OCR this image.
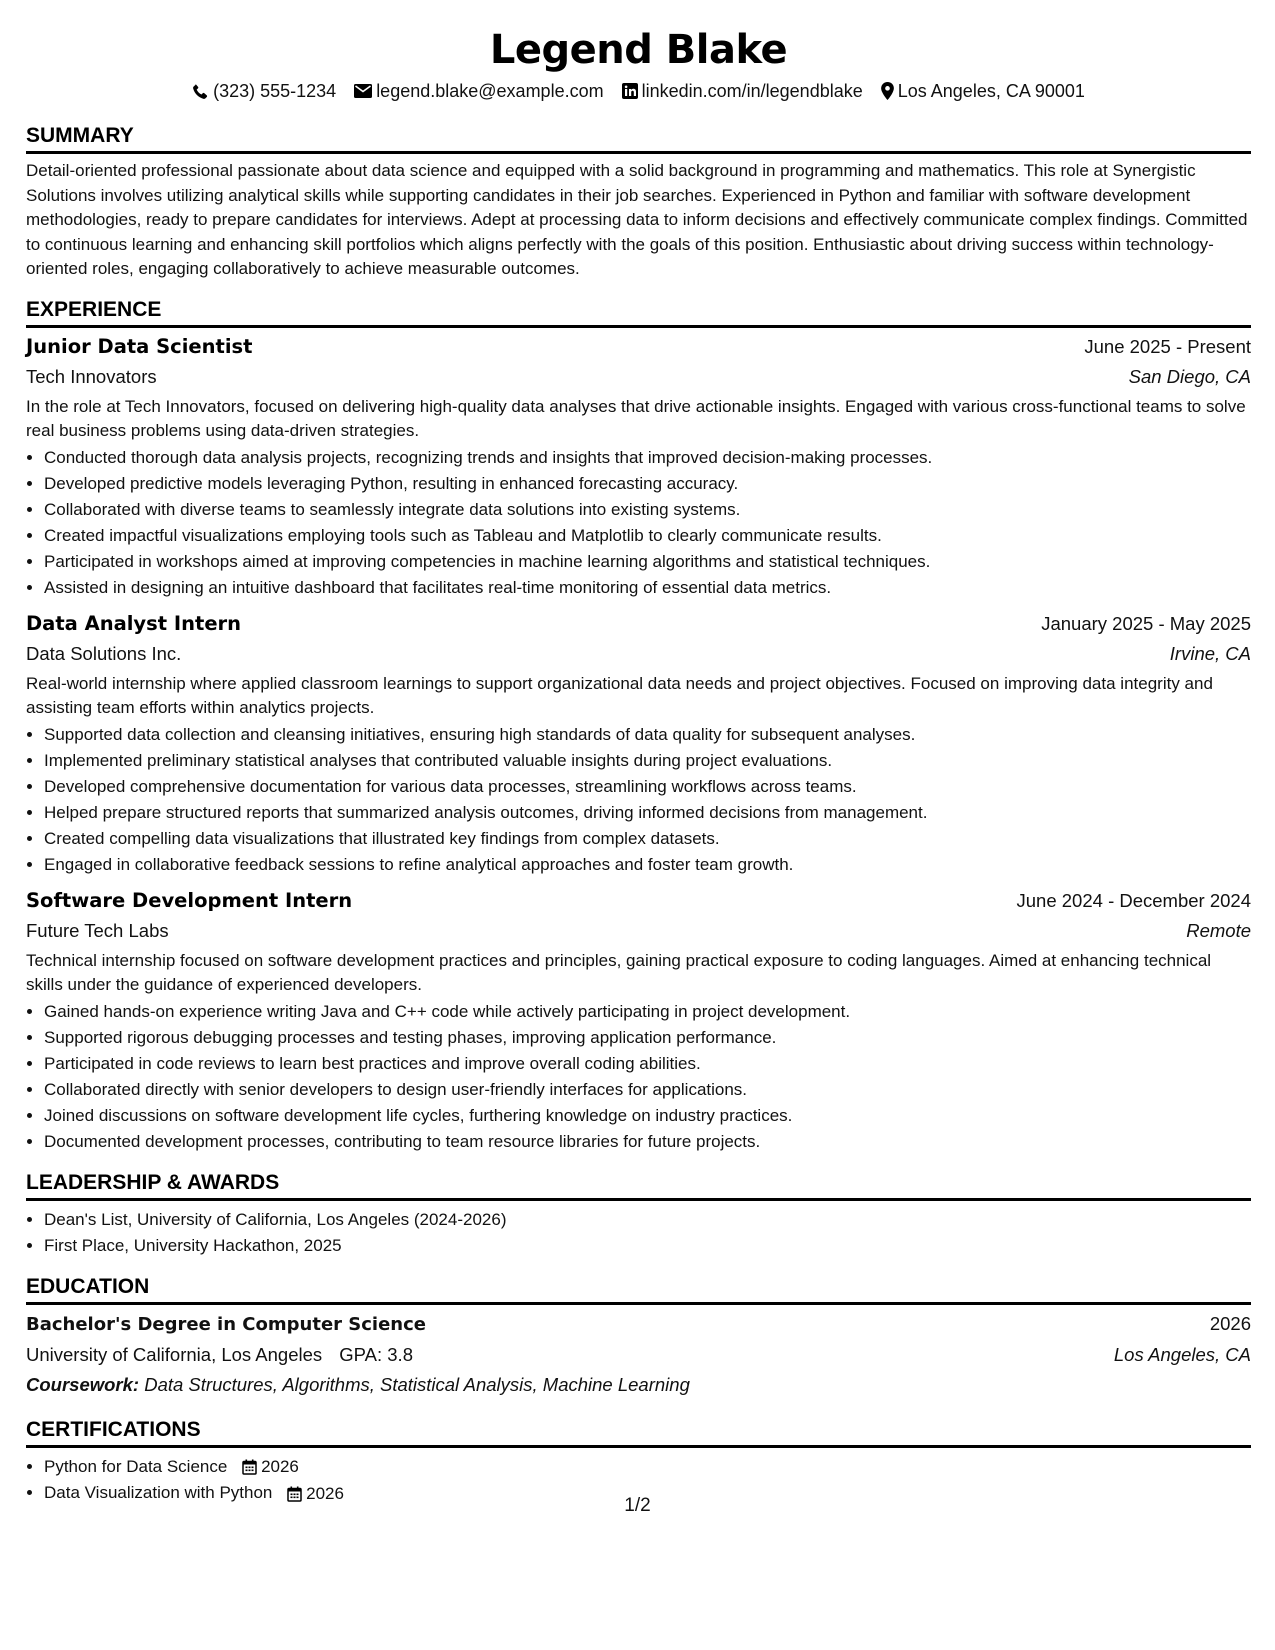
Legend Blake
(323) 555-1234 legend.blake@example.com linkedin.com/in/legendblake Los Angeles, CA 90001
SUMMARY
Detail-oriented professional passionate about data science and equipped with a solid background in programming and mathematics. This role at Synergistic Solutions involves utilizing analytical skills while supporting candidates in their job searches. Experienced in Python and familiar with software development methodologies, ready to prepare candidates for interviews. Adept at processing data to inform decisions and effectively communicate complex findings. Committed to continuous learning and enhancing skill portfolios which aligns perfectly with the goals of this position. Enthusiastic about driving success within technology-oriented roles, engaging collaboratively to achieve measurable outcomes.
EXPERIENCE
Junior Data Scientist	June 2025 - Present
Tech Innovators	San Diego, CA
In the role at Tech Innovators, focused on delivering high-quality data analyses that drive actionable insights. Engaged with various cross-functional teams to solve real business problems using data-driven strategies.
• Conducted thorough data analysis projects, recognizing trends and insights that improved decision-making processes.
• Developed predictive models leveraging Python, resulting in enhanced forecasting accuracy.
• Collaborated with diverse teams to seamlessly integrate data solutions into existing systems.
• Created impactful visualizations employing tools such as Tableau and Matplotlib to clearly communicate results.
• Participated in workshops aimed at improving competencies in machine learning algorithms and statistical techniques.
• Assisted in designing an intuitive dashboard that facilitates real-time monitoring of essential data metrics.
Data Analyst Intern	January 2025 - May 2025
Data Solutions Inc.	Irvine, CA
Real-world internship where applied classroom learnings to support organizational data needs and project objectives. Focused on improving data integrity and assisting team efforts within analytics projects.
• Supported data collection and cleansing initiatives, ensuring high standards of data quality for subsequent analyses.
• Implemented preliminary statistical analyses that contributed valuable insights during project evaluations.
• Developed comprehensive documentation for various data processes, streamlining workflows across teams.
• Helped prepare structured reports that summarized analysis outcomes, driving informed decisions from management.
• Created compelling data visualizations that illustrated key findings from complex datasets.
• Engaged in collaborative feedback sessions to refine analytical approaches and foster team growth.
Software Development Intern	June 2024 - December 2024
Future Tech Labs	Remote
Technical internship focused on software development practices and principles, gaining practical exposure to coding languages. Aimed at enhancing technical skills under the guidance of experienced developers.
• Gained hands-on experience writing Java and C++ code while actively participating in project development.
• Supported rigorous debugging processes and testing phases, improving application performance.
• Participated in code reviews to learn best practices and improve overall coding abilities.
• Collaborated directly with senior developers to design user-friendly interfaces for applications.
• Joined discussions on software development life cycles, furthering knowledge on industry practices.
• Documented development processes, contributing to team resource libraries for future projects.
LEADERSHIP & AWARDS
• Dean's List, University of California, Los Angeles (2024-2026)
• First Place, University Hackathon, 2025
EDUCATION
Bachelor's Degree in Computer Science	2026
University of California, Los Angeles GPA: 3.8	Los Angeles, CA
Coursework: Data Structures, Algorithms, Statistical Analysis, Machine Learning
CERTIFICATIONS
• Python for Data Science 2026
• Data Visualization with Python 2026
1/2
